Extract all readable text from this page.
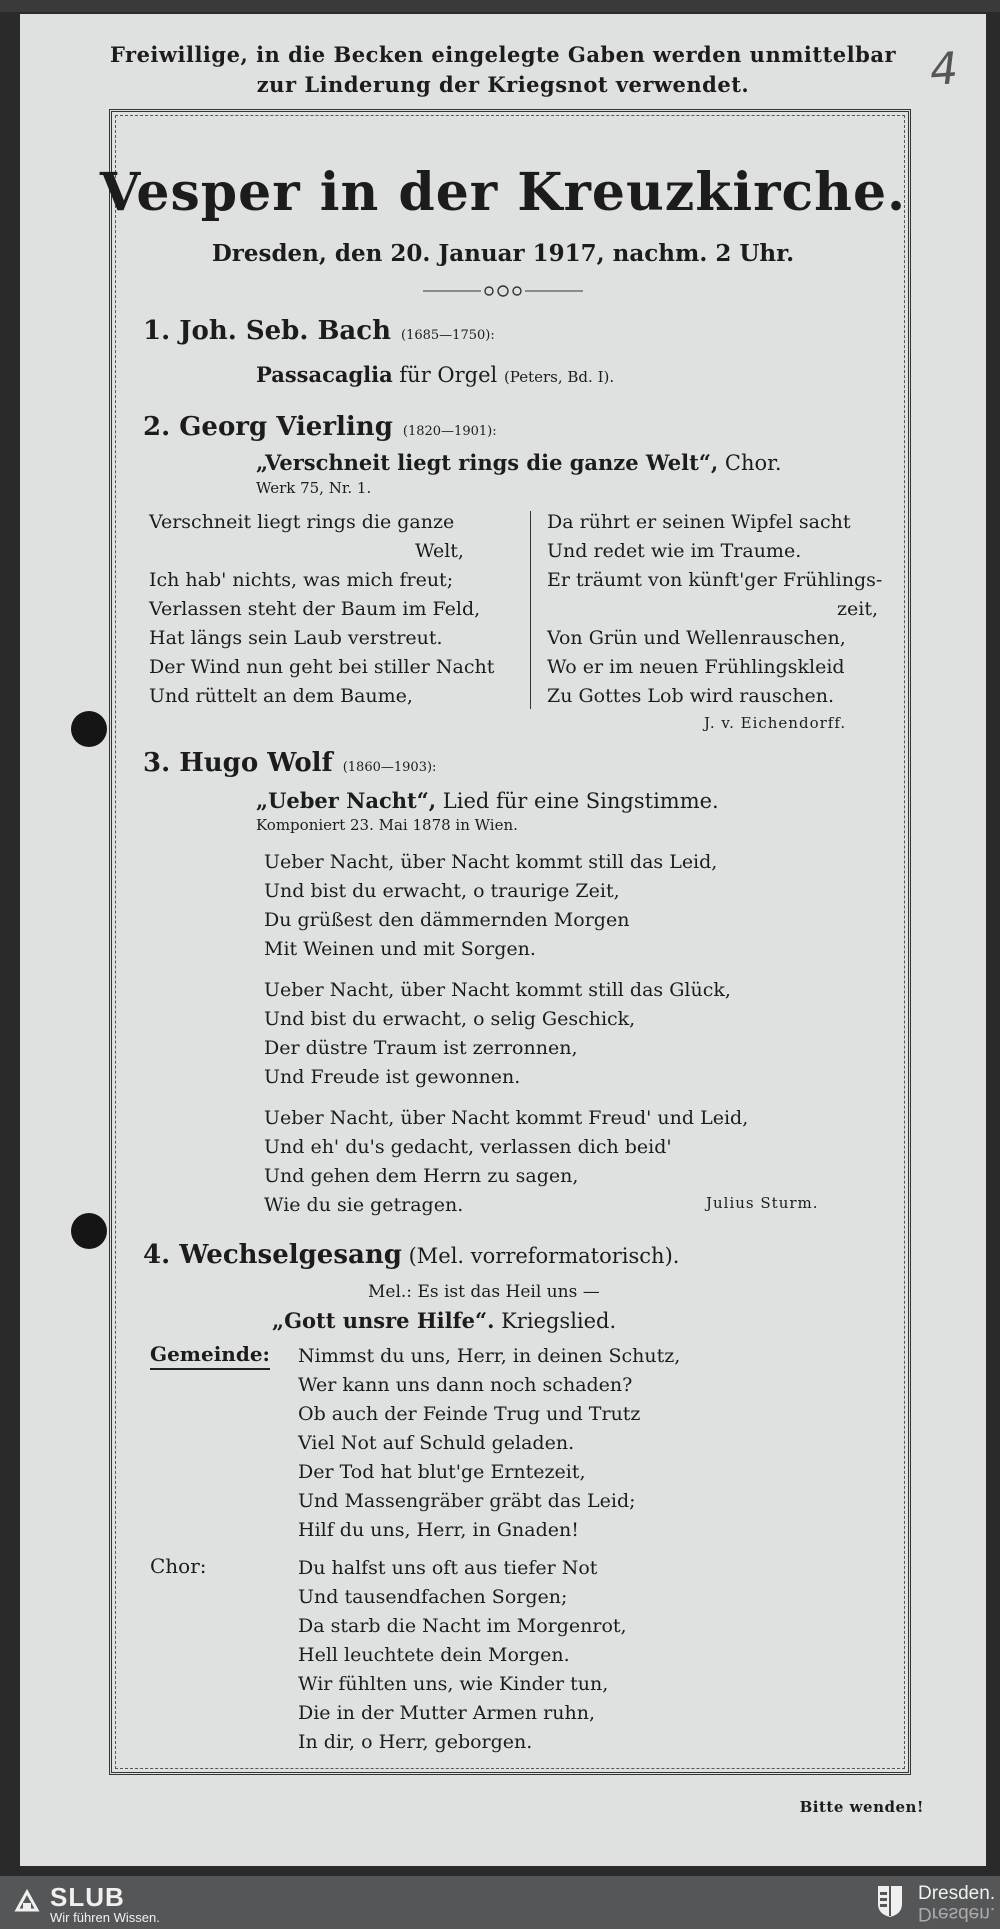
Freiwillige, in die Becken eingelegte Gaben werden unmittelbar
zur Linderung der Kriegsnot verwendet.	4
Vesper in der Kreuzkirche.
Dresden, den 20. Januar 1917, nachm. 2 Uhr.
1. Joh. Seb. Bach (1685—1750):
Passacaglia für Orgel (Peters, Bd. I).
2. Georg Vierling (1820—1901):
„Verschneit liegt rings die ganze Welt“, Chor.
Werk 75, Nr. 1.
Verschneit liegt rings die ganze
Welt,
Ich hab' nichts, was mich freut;
Verlassen steht der Baum im Feld,
Hat längs sein Laub verstreut.
Der Wind nun geht bei stiller Nacht
Und rüttelt an dem Baume,
Da rührt er seinen Wipfel sacht
Und redet wie im Traume.
Er träumt von künft'ger Frühlings-
zeit,
Von Grün und Wellenrauschen,
Wo er im neuen Frühlingskleid
Zu Gottes Lob wird rauschen.
J. v. Eichendorff.
3. Hugo Wolf (1860—1903):
„Ueber Nacht“, Lied für eine Singstimme.
Komponiert 23. Mai 1878 in Wien.
Ueber Nacht, über Nacht kommt still das Leid,
Und bist du erwacht, o traurige Zeit,
Du grüßest den dämmernden Morgen
Mit Weinen und mit Sorgen.
Ueber Nacht, über Nacht kommt still das Glück,
Und bist du erwacht, o selig Geschick,
Der düstre Traum ist zerronnen,
Und Freude ist gewonnen.
Ueber Nacht, über Nacht kommt Freud' und Leid,
Und eh' du's gedacht, verlassen dich beid'
Und gehen dem Herrn zu sagen,
Wie du sie getragen.	Julius Sturm.
4. Wechselgesang (Mel. vorreformatorisch).
Mel.: Es ist das Heil uns —
„Gott unsre Hilfe“. Kriegslied.
Gemeinde: Nimmst du uns, Herr, in deinen Schutz,
Wer kann uns dann noch schaden?
Ob auch der Feinde Trug und Trutz
Viel Not auf Schuld geladen.
Der Tod hat blut'ge Erntezeit,
Und Massengräber gräbt das Leid;
Hilf du uns, Herr, in Gnaden!
Chor:	Du halfst uns oft aus tiefer Not
Und tausendfachen Sorgen;
Da starb die Nacht im Morgenrot,
Hell leuchtete dein Morgen.
Wir fühlten uns, wie Kinder tun,
Die in der Mutter Armen ruhn,
In dir, o Herr, geborgen.
Bitte wenden!
SLUB
Wir führen Wissen.
Dresden.
Dresden.
